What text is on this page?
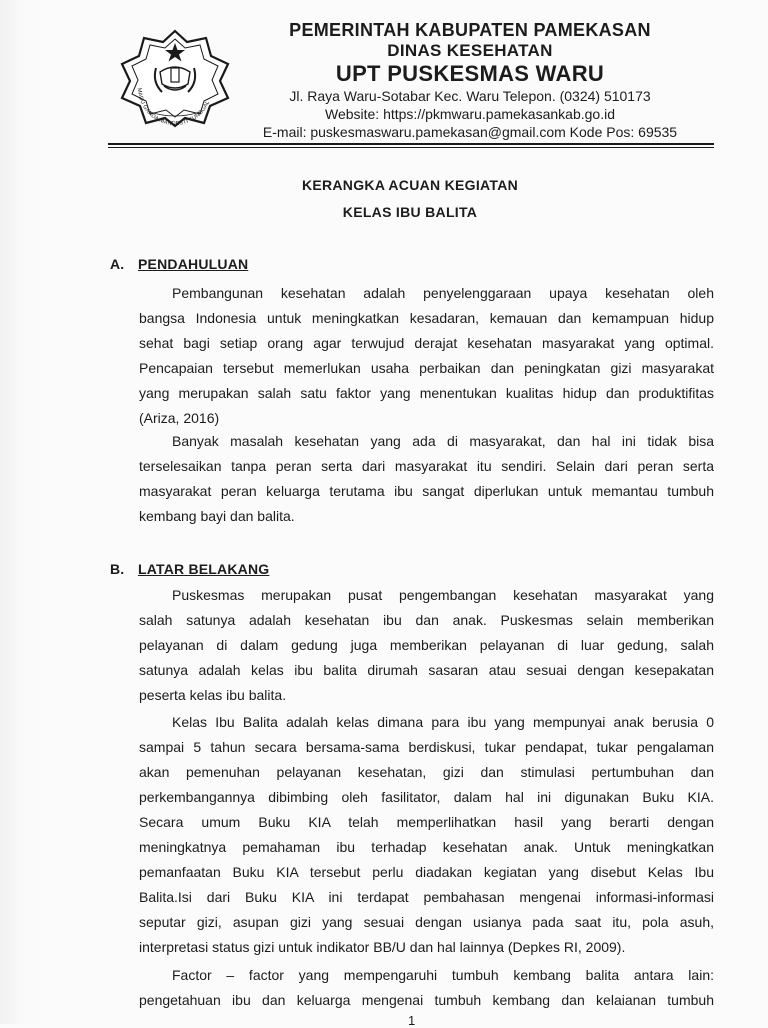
MADU GANDA MANDESTI TUNGGAL
PEMERINTAH KABUPATEN PAMEKASAN
DINAS KESEHATAN
UPT PUSKESMAS WARU
Jl. Raya Waru-Sotabar Kec. Waru Telepon. (0324) 510173
Website: https://pkmwaru.pamekasankab.go.id
E-mail: puskesmaswaru.pamekasan@gmail.com Kode Pos: 69535
KERANGKA ACUAN KEGIATAN
KELAS IBU BALITA
A. PENDAHULUAN
Pembangunan kesehatan adalah penyelenggaraan upaya kesehatan oleh
bangsa Indonesia untuk meningkatkan kesadaran, kemauan dan kemampuan hidup
sehat bagi setiap orang agar terwujud derajat kesehatan masyarakat yang optimal.
Pencapaian tersebut memerlukan usaha perbaikan dan peningkatan gizi masyarakat
yang merupakan salah satu faktor yang menentukan kualitas hidup dan produktifitas
(Ariza, 2016)
Banyak masalah kesehatan yang ada di masyarakat, dan hal ini tidak bisa
terselesaikan tanpa peran serta dari masyarakat itu sendiri. Selain dari peran serta
masyarakat peran keluarga terutama ibu sangat diperlukan untuk memantau tumbuh
kembang bayi dan balita.
B. LATAR BELAKANG
Puskesmas merupakan pusat pengembangan kesehatan masyarakat yang
salah satunya adalah kesehatan ibu dan anak. Puskesmas selain memberikan
pelayanan di dalam gedung juga memberikan pelayanan di luar gedung, salah
satunya adalah kelas ibu balita dirumah sasaran atau sesuai dengan kesepakatan
peserta kelas ibu balita.
Kelas Ibu Balita adalah kelas dimana para ibu yang mempunyai anak berusia 0
sampai 5 tahun secara bersama-sama berdiskusi, tukar pendapat, tukar pengalaman
akan pemenuhan pelayanan kesehatan, gizi dan stimulasi pertumbuhan dan
perkembangannya dibimbing oleh fasilitator, dalam hal ini digunakan Buku KIA.
Secara umum Buku KIA telah memperlihatkan hasil yang berarti dengan
meningkatnya pemahaman ibu terhadap kesehatan anak. Untuk meningkatkan
pemanfaatan Buku KIA tersebut perlu diadakan kegiatan yang disebut Kelas Ibu
Balita.Isi dari Buku KIA ini terdapat pembahasan mengenai informasi-informasi
seputar gizi, asupan gizi yang sesuai dengan usianya pada saat itu, pola asuh,
interpretasi status gizi untuk indikator BB/U dan hal lainnya (Depkes RI, 2009).
Factor – factor yang mempengaruhi tumbuh kembang balita antara lain:
pengetahuan ibu dan keluarga mengenai tumbuh kembang dan kelaianan tumbuh
1
